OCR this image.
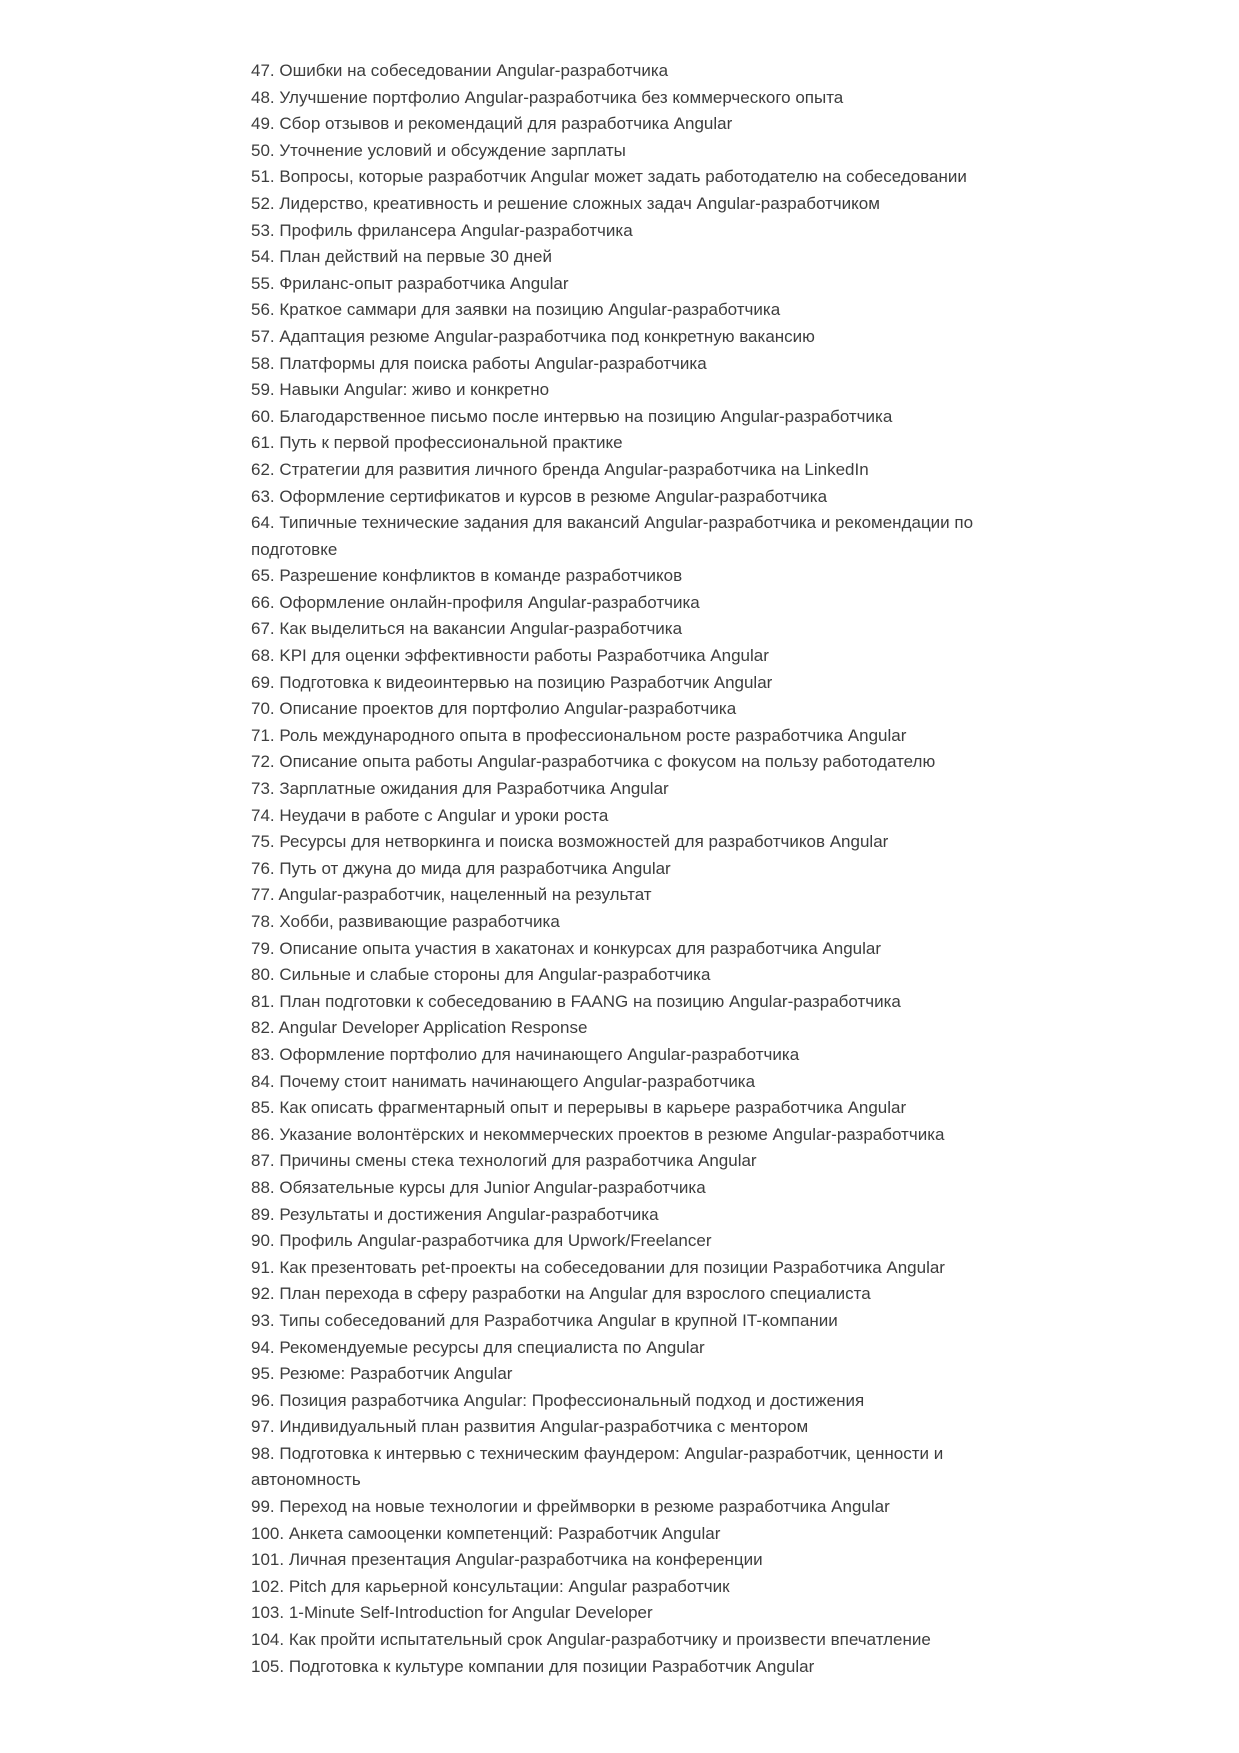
47. Ошибки на собеседовании Angular-разработчика

48. Улучшение портфолио Angular-разработчика без коммерческого опыта

49. Сбор отзывов и рекомендаций для разработчика Angular

50. Уточнение условий и обсуждение зарплаты

51. Вопросы, которые разработчик Angular может задать работодателю на собеседовании

52. Лидерство, креативность и решение сложных задач Angular-разработчиком

53. Профиль фрилансера Angular-разработчика

54. План действий на первые 30 дней

55. Фриланс-опыт разработчика Angular

56. Краткое саммари для заявки на позицию Angular-разработчика

57. Адаптация резюме Angular-разработчика под конкретную вакансию

58. Платформы для поиска работы Angular-разработчика

59. Навыки Angular: живо и конкретно

60. Благодарственное письмо после интервью на позицию Angular-разработчика

61. Путь к первой профессиональной практике

62. Стратегии для развития личного бренда Angular-разработчика на LinkedIn

63. Оформление сертификатов и курсов в резюме Angular-разработчика

64. Типичные технические задания для вакансий Angular-разработчика и рекомендации по подготовке

65. Разрешение конфликтов в команде разработчиков

66. Оформление онлайн-профиля Angular-разработчика

67. Как выделиться на вакансии Angular-разработчика

68. KPI для оценки эффективности работы Разработчика Angular

69. Подготовка к видеоинтервью на позицию Разработчик Angular

70. Описание проектов для портфолио Angular-разработчика

71. Роль международного опыта в профессиональном росте разработчика Angular

72. Описание опыта работы Angular-разработчика с фокусом на пользу работодателю

73. Зарплатные ожидания для Разработчика Angular

74. Неудачи в работе с Angular и уроки роста

75. Ресурсы для нетворкинга и поиска возможностей для разработчиков Angular

76. Путь от джуна до мида для разработчика Angular

77. Angular-разработчик, нацеленный на результат

78. Хобби, развивающие разработчика

79. Описание опыта участия в хакатонах и конкурсах для разработчика Angular

80. Сильные и слабые стороны для Angular-разработчика

81. План подготовки к собеседованию в FAANG на позицию Angular-разработчика

82. Angular Developer Application Response

83. Оформление портфолио для начинающего Angular-разработчика

84. Почему стоит нанимать начинающего Angular-разработчика

85. Как описать фрагментарный опыт и перерывы в карьере разработчика Angular

86. Указание волонтёрских и некоммерческих проектов в резюме Angular-разработчика

87. Причины смены стека технологий для разработчика Angular

88. Обязательные курсы для Junior Angular-разработчика

89. Результаты и достижения Angular-разработчика

90. Профиль Angular-разработчика для Upwork/Freelancer

91. Как презентовать pet-проекты на собеседовании для позиции Разработчика Angular

92. План перехода в сферу разработки на Angular для взрослого специалиста

93. Типы собеседований для Разработчика Angular в крупной IT-компании

94. Рекомендуемые ресурсы для специалиста по Angular

95. Резюме: Разработчик Angular

96. Позиция разработчика Angular: Профессиональный подход и достижения

97. Индивидуальный план развития Angular-разработчика с ментором

98. Подготовка к интервью с техническим фаундером: Angular-разработчик, ценности и автономность

99. Переход на новые технологии и фреймворки в резюме разработчика Angular

100. Анкета самооценки компетенций: Разработчик Angular

101. Личная презентация Angular-разработчика на конференции

102. Pitch для карьерной консультации: Angular разработчик

103. 1-Minute Self-Introduction for Angular Developer

104. Как пройти испытательный срок Angular-разработчику и произвести впечатление

105. Подготовка к культуре компании для позиции Разработчик Angular
